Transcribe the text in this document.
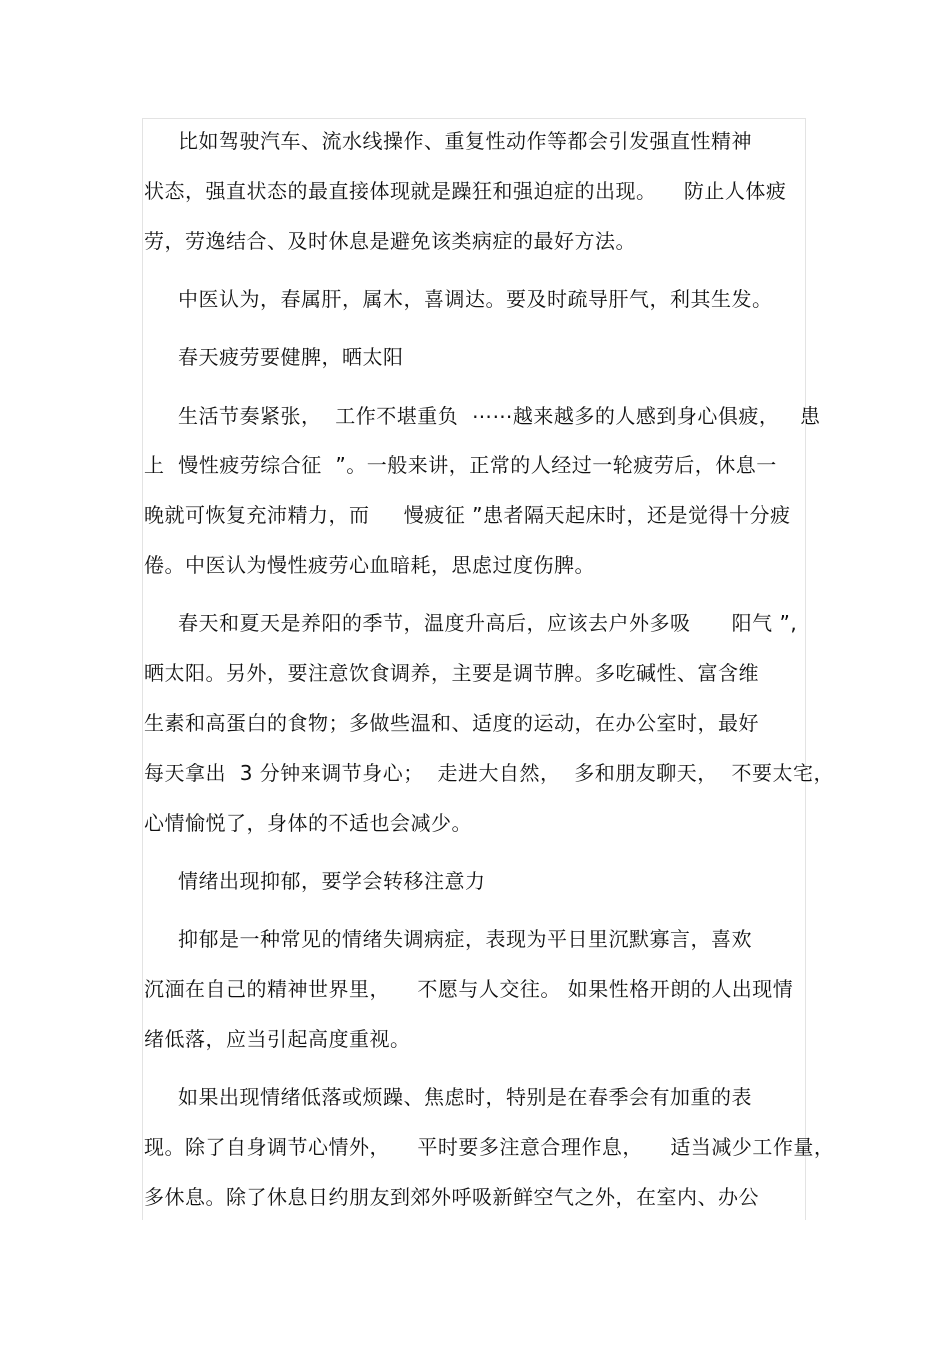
比如驾驶汽车、流水线操作、重复性动作等都会引发强直性精神
状态，强直状态的最直接体现就是躁狂和强迫症的出现。    防止人体疲
劳，劳逸结合、及时休息是避免该类病症的最好方法。
中医认为，春属肝，属木，喜调达。要及时疏导肝气，利其生发。
春天疲劳要健脾，晒太阳
生活节奏紧张，  工作不堪重负  ⋯⋯越来越多的人感到身心俱疲，   患
上  慢性疲劳综合征  ”。一般来讲，正常的人经过一轮疲劳后，休息一
晚就可恢复充沛精力，而     慢疲征 ”患者隔天起床时，还是觉得十分疲
倦。中医认为慢性疲劳心血暗耗，思虑过度伤脾。
春天和夏天是养阳的季节，温度升高后，应该去户外多吸      阳气 ”,
晒太阳。另外，要注意饮食调养，主要是调节脾。多吃碱性、富含维
生素和高蛋白的食物；多做些温和、适度的运动，在办公室时，最好
每天拿出  3 分钟来调节身心；  走进大自然，  多和朋友聊天，  不要太宅，
心情愉悦了，身体的不适也会减少。
情绪出现抑郁，要学会转移注意力
抑郁是一种常见的情绪失调病症，表现为平日里沉默寡言，喜欢
沉湎在自己的精神世界里，    不愿与人交往。 如果性格开朗的人出现情
绪低落，应当引起高度重视。
如果出现情绪低落或烦躁、焦虑时，特别是在春季会有加重的表
现。除了自身调节心情外，    平时要多注意合理作息，    适当减少工作量，
多休息。除了休息日约朋友到郊外呼吸新鲜空气之外，在室内、办公
